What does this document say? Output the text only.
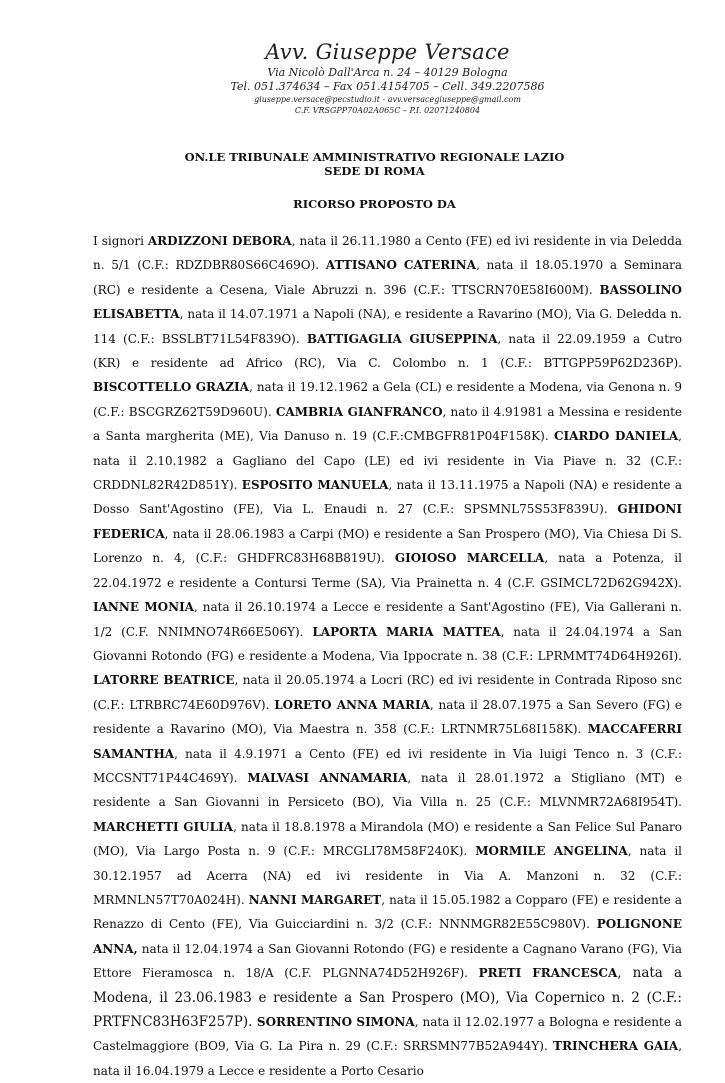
Avv. Giuseppe Versace
Via Nicolò Dall'Arca n. 24 – 40129 Bologna
Tel. 051.374634 – Fax 051.4154705 – Cell. 349.2207586
giuseppe.versace@pecstudio.it - avv.versacegiuseppe@gmail.com
C.F. VRSGPP70A02A065C – P.I. 02071240804
ON.LE TRIBUNALE AMMINISTRATIVO REGIONALE LAZIO
SEDE DI ROMA
RICORSO PROPOSTO DA
I signori ARDIZZONI DEBORA, nata il 26.11.1980 a Cento (FE) ed ivi residente in via Deledda n. 5/1 (C.F.: RDZDBR80S66C469O). ATTISANO CATERINA, nata il 18.05.1970 a Seminara (RC) e residente a Cesena, Viale Abruzzi n. 396 (C.F.: TTSCRN70E58I600M). BASSOLINO ELISABETTA, nata il 14.07.1971 a Napoli (NA), e residente a Ravarino (MO), Via G. Deledda n. 114 (C.F.: BSSLBT71L54F839O). BATTIGAGLIA GIUSEPPINA, nata il 22.09.1959 a Cutro (KR) e residente ad Africo (RC), Via C. Colombo n. 1 (C.F.: BTTGPP59P62D236P). BISCOTTELLO GRAZIA, nata il 19.12.1962 a Gela (CL) e residente a Modena, via Genona n. 9 (C.F.: BSCGRZ62T59D960U). CAMBRIA GIANFRANCO, nato il 4.91981 a Messina e residente a Santa margherita (ME), Via Danuso n. 19 (C.F.:CMBGFR81P04F158K). CIARDO DANIELA, nata il 2.10.1982 a Gagliano del Capo (LE) ed ivi residente in Via Piave n. 32 (C.F.: CRDDNL82R42D851Y). ESPOSITO MANUELA, nata il 13.11.1975 a Napoli (NA) e residente a Dosso Sant'Agostino (FE), Via L. Enaudi n. 27 (C.F.: SPSMNL75S53F839U). GHIDONI FEDERICA, nata il 28.06.1983 a Carpi (MO) e residente a San Prospero (MO), Via Chiesa Di S. Lorenzo n. 4, (C.F.: GHDFRC83H68B819U). GIOIOSO MARCELLA, nata a Potenza, il 22.04.1972 e residente a Contursi Terme (SA), Via Prainetta n. 4 (C.F. GSIMCL72D62G942X). IANNE MONIA, nata il 26.10.1974 a Lecce e residente a Sant'Agostino (FE), Via Gallerani n. 1/2 (C.F. NNIMNO74R66E506Y). LAPORTA MARIA MATTEA, nata il 24.04.1974 a San Giovanni Rotondo (FG) e residente a Modena, Via Ippocrate n. 38 (C.F.: LPRMMT74D64H926I). LATORRE BEATRICE, nata il 20.05.1974 a Locri (RC) ed ivi residente in Contrada Riposo snc (C.F.: LTRBRC74E60D976V). LORETO ANNA MARIA, nata il 28.07.1975 a San Severo (FG) e residente a Ravarino (MO), Via Maestra n. 358 (C.F.: LRTNMR75L68I158K). MACCAFERRI SAMANTHA, nata il 4.9.1971 a Cento (FE) ed ivi residente in Via luigi Tenco n. 3 (C.F.: MCCSNT71P44C469Y). MALVASI ANNAMARIA, nata il 28.01.1972 a Stigliano (MT) e residente a San Giovanni in Persiceto (BO), Via Villa n. 25 (C.F.: MLVNMR72A68I954T). MARCHETTI GIULIA, nata il 18.8.1978 a Mirandola (MO) e residente a San Felice Sul Panaro (MO), Via Largo Posta n. 9 (C.F.: MRCGLI78M58F240K). MORMILE ANGELINA, nata il 30.12.1957 ad Acerra (NA) ed ivi residente in Via A. Manzoni n. 32 (C.F.: MRMNLN57T70A024H). NANNI MARGARET, nata il 15.05.1982 a Copparo (FE) e residente a Renazzo di Cento (FE), Via Guicciardini n. 3/2 (C.F.: NNNMGR82E55C980V). POLIGNONE ANNA, nata il 12.04.1974 a San Giovanni Rotondo (FG) e residente a Cagnano Varano (FG), Via Ettore Fieramosca n. 18/A (C.F. PLGNNA74D52H926F). PRETI FRANCESCA, nata a Modena, il 23.06.1983 e residente a San Prospero (MO), Via Copernico n. 2 (C.F.: PRTFNC83H63F257P). SORRENTINO SIMONA, nata il 12.02.1977 a Bologna e residente a Castelmaggiore (BO9, Via G. La Pira n. 29 (C.F.: SRRSMN77B52A944Y). TRINCHERA GAIA, nata il 16.04.1979 a Lecce e residente a Porto Cesario
